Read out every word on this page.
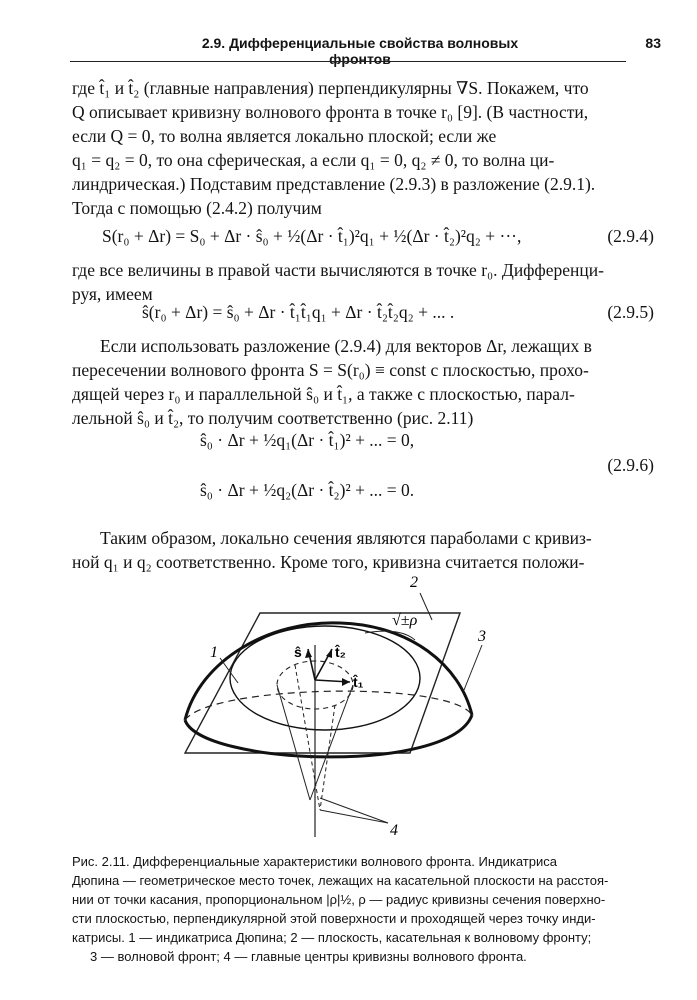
2.9. Дифференциальные свойства волновых фронтов
83

где t̂₁ и t̂₂ (главные направления) перпендикулярны ∇S. Покажем, что
Q описывает кривизну волнового фронта в точке r₀ [9]. (В частности,
если Q = 0, то волна является локально плоской; если же
q₁ = q₂ = 0, то она сферическая, а если q₁ = 0, q₂ ≠ 0, то волна ци-
линдрическая.) Подставим представление (2.9.3) в разложение (2.9.1).
Тогда с помощью (2.4.2) получим

S(r₀ + Δr) = S₀ + Δr · ŝ₀ + ½(Δr · t̂₁)²q₁ + ½(Δr · t̂₂)²q₂ + ···,	(2.9.4)

где все величины в правой части вычисляются в точке r₀. Дифференци-
руя, имеем

ŝ(r₀ + Δr) = ŝ₀ + Δr · t̂₁t̂₁q₁ + Δr · t̂₂t̂₂q₂ + ... .	(2.9.5)

Если использовать разложение (2.9.4) для векторов Δr, лежащих в
пересечении волнового фронта S = S(r₀) ≡ const с плоскостью, прохо-
дящей через r₀ и параллельной ŝ₀ и t̂₁, а также с плоскостью, парал-
лельной ŝ₀ и t̂₂, то получим соответственно (рис. 2.11)

ŝ₀ · Δr + ½q₁(Δr · t̂₁)² + ... = 0,
(2.9.6)
ŝ₀ · Δr + ½q₂(Δr · t̂₂)² + ... = 0.

Таким образом, локально сечения являются параболами с кривиз-
ной q₁ и q₂ соответственно. Кроме того, кривизна считается положи-

1
2
3
4
√±ρ
ŝ t̂₂
t̂₁
Рис. 2.11. Дифференциальные характеристики волнового фронта. Индикатриса
Дюпина — геометрическое место точек, лежащих на касательной плоскости на расстоя-
нии от точки касания, пропорциональном |ρ|½, ρ — радиус кривизны сечения поверхно-
сти плоскостью, перпендикулярной этой поверхности и проходящей через точку инди-
катрисы. 1 — индикатриса Дюпина; 2 — плоскость, касательная к волновому фронту;
3 — волновой фронт; 4 — главные центры кривизны волнового фронта.
